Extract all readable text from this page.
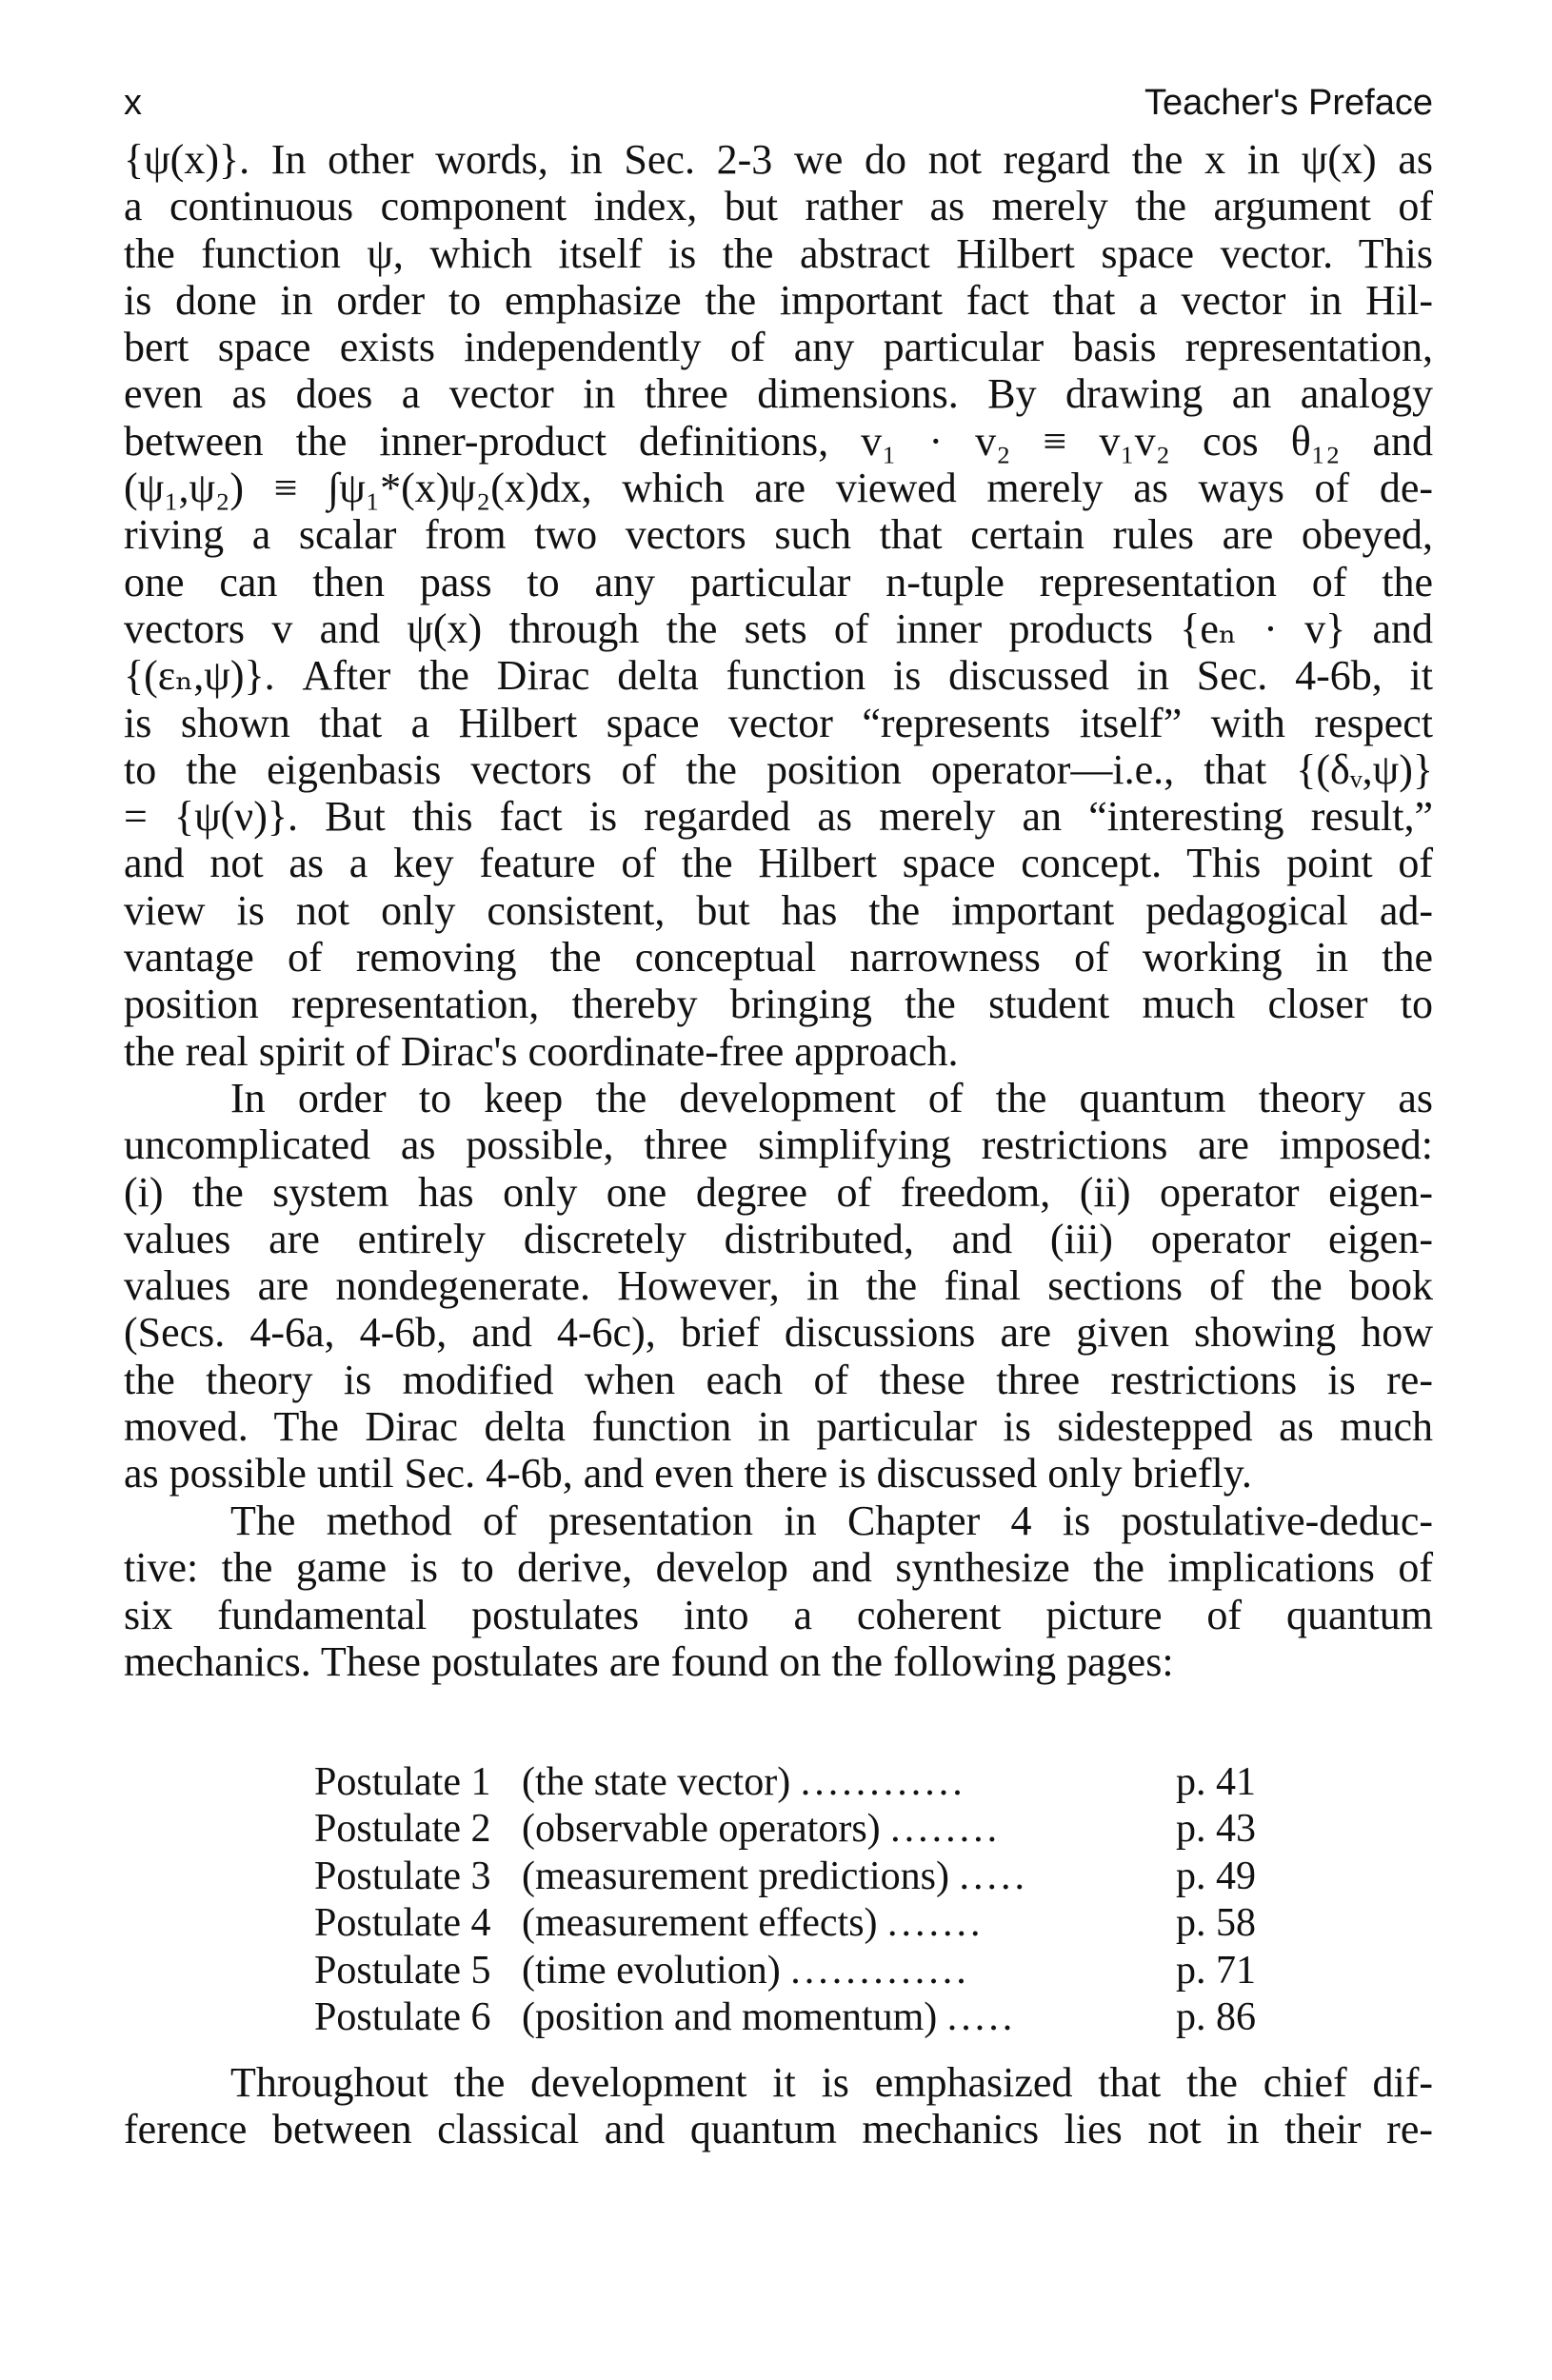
x	Teacher's Preface
{ψ(x)}. In other words, in Sec. 2-3 we do not regard the x in ψ(x) as
a continuous component index, but rather as merely the argument of
the function ψ, which itself is the abstract Hilbert space vector. This
is done in order to emphasize the important fact that a vector in Hil-
bert space exists independently of any particular basis representation,
even as does a vector in three dimensions. By drawing an analogy
between the inner-product definitions, v₁ · v₂ ≡ v₁v₂ cos θ₁₂ and
(ψ₁,ψ₂) ≡ ∫ψ₁*(x)ψ₂(x)dx, which are viewed merely as ways of de-
riving a scalar from two vectors such that certain rules are obeyed,
one can then pass to any particular n-tuple representation of the
vectors v and ψ(x) through the sets of inner products {eₙ · v} and
{(εₙ,ψ)}. After the Dirac delta function is discussed in Sec. 4-6b, it
is shown that a Hilbert space vector “represents itself” with respect
to the eigenbasis vectors of the position operator—i.e., that {(δᵥ,ψ)}
= {ψ(ν)}. But this fact is regarded as merely an “interesting result,”
and not as a key feature of the Hilbert space concept. This point of
view is not only consistent, but has the important pedagogical ad-
vantage of removing the conceptual narrowness of working in the
position representation, thereby bringing the student much closer to
the real spirit of Dirac's coordinate-free approach.
In order to keep the development of the quantum theory as
uncomplicated as possible, three simplifying restrictions are imposed:
(i) the system has only one degree of freedom, (ii) operator eigen-
values are entirely discretely distributed, and (iii) operator eigen-
values are nondegenerate. However, in the final sections of the book
(Secs. 4-6a, 4-6b, and 4-6c), brief discussions are given showing how
the theory is modified when each of these three restrictions is re-
moved. The Dirac delta function in particular is sidestepped as much
as possible until Sec. 4-6b, and even there is discussed only briefly.
The method of presentation in Chapter 4 is postulative-deduc-
tive: the game is to derive, develop and synthesize the implications of
six fundamental postulates into a coherent picture of quantum
mechanics. These postulates are found on the following pages:
Postulate 1 (the state vector) ............	p. 41
Postulate 2 (observable operators) ........	p. 43
Postulate 3 (measurement predictions) .....	p. 49
Postulate 4 (measurement effects) .......	p. 58
Postulate 5 (time evolution) .............	p. 71
Postulate 6 (position and momentum) .....	p. 86
Throughout the development it is emphasized that the chief dif-
ference between classical and quantum mechanics lies not in their re-
